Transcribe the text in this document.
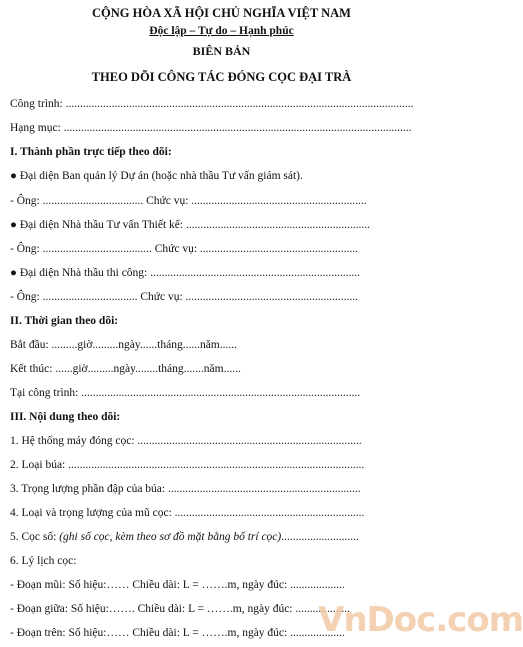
CỘNG HÒA XÃ HỘI CHỦ NGHĨA VIỆT NAM
Độc lập – Tự do – Hạnh phúc
BIÊN BẢN
THEO DÕI CÔNG TÁC ĐÓNG CỌC ĐẠI TRÀ
Công trình: .........................................................................................................................
Hạng mục: .........................................................................................................................
I. Thành phần trực tiếp theo dõi:
● Đại diện Ban quản lý Dự án (hoặc nhà thầu Tư vấn giám sát).
- Ông: ................................... Chức vụ: .............................................................
● Đại diện Nhà thầu Tư vấn Thiết kế: ................................................................
- Ông: ...................................... Chức vụ: .......................................................
● Đại diện Nhà thầu thi công: .........................................................................
- Ông: ................................. Chức vụ: ............................................................
II. Thời gian theo dõi:
Bắt đầu: .........giờ.........ngày......tháng......năm......
Kết thúc: ......giờ.........ngày........tháng.......năm......
Tại công trình: .................................................................................................
III. Nội dung theo dõi:
1. Hệ thống máy đóng cọc: ..............................................................................
2. Loại búa: .......................................................................................................
3. Trọng lượng phần đập của búa: ...................................................................
4. Loại và trọng lượng của mũ cọc: ..................................................................
5. Cọc số: (ghi số cọc, kèm theo sơ đồ mặt bằng bố trí cọc)...........................
6. Lý lịch cọc:
- Đoạn mũi: Số hiệu:…… Chiều dài: L = …….m, ngày đúc: ...................
- Đoạn giữa: Số hiệu:……. Chiều dài: L = …….m, ngày đúc: ...................
- Đoạn trên: Số hiệu:…… Chiều dài: L = …….m, ngày đúc: ...................
VnDoc.com
